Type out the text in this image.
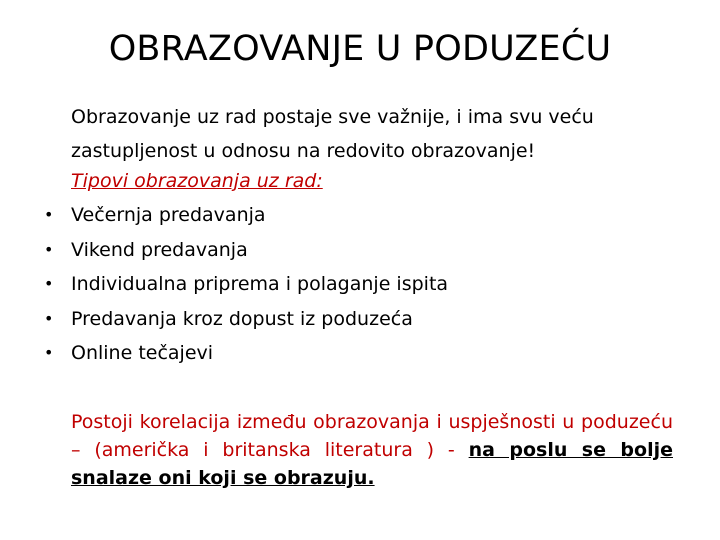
OBRAZOVANJE U PODUZEĆU
Obrazovanje uz rad postaje sve važnije, i ima svu veću
zastupljenost u odnosu na redovito obrazovanje!
Tipovi obrazovanja uz rad:
• Večernja predavanja
• Vikend predavanja
• Individualna priprema i polaganje ispita
• Predavanja kroz dopust iz poduzeća
• Online tečajevi
Postoji korelacija između obrazovanja i uspješnosti u poduzeću – (američka i britanska literatura ) - na poslu se bolje snalaze oni koji se obrazuju.
